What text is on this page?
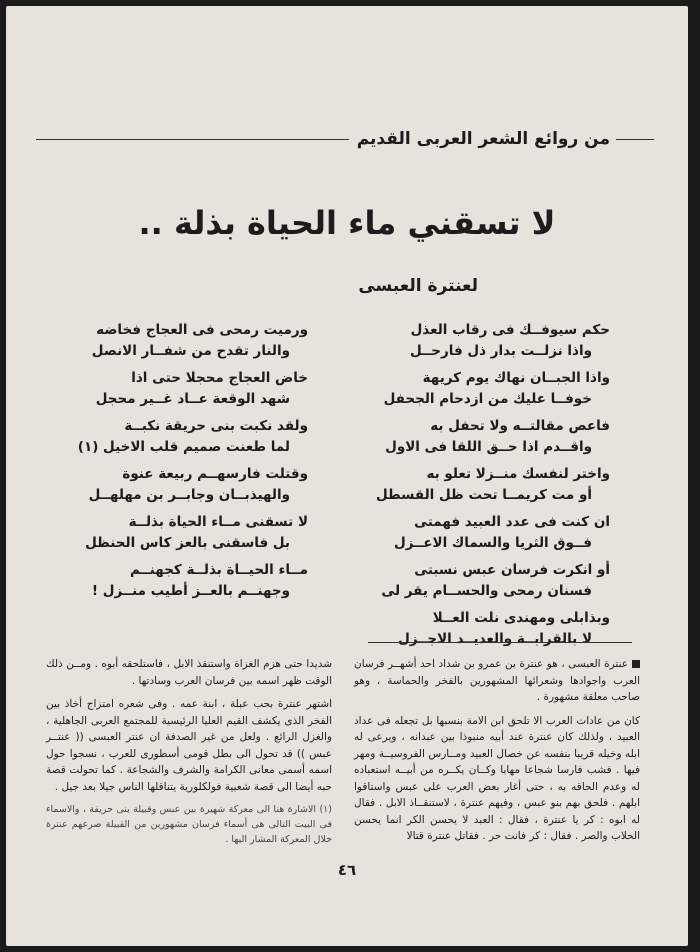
من روائع الشعر العربى القديم
لا تسقني ماء الحياة بذلة ..
لعنترة العبسى
حكم سيوفــك فى رقاب العذل
واذا نزلــت بدار ذل فارحــل
واذا الجبــان نهاك يوم كريهة
خوفــا عليك من ازدحام الجحفل
فاعص مقالتــه ولا تحفل به
واقــدم اذا حــق اللقا فى الاول
واختر لنفسك منــزلا تعلو به
أو مت كريمــا تحت ظل القسطل
ان كنت فى عدد العبيد فهمتى
فــوق الثريا والسماك الاعــزل
أو انكرت فرسان عبس نسبتى
فسنان رمحى والحســام يقر لى
وبذابلى ومهندى نلت العــلا
لا بالقرابــة والعديــد الاجــزل
ورميت رمحى فى العجاج فخاضه
والنار تقدح من شفــار الانصل
خاض العجاج محجلا حتى اذا
شهد الوقعة عــاد غــير محجل
ولقد نكبت بنى حريقة نكبــة
لما طعنت صميم قلب الاخيل (١)
وقتلت فارسهــم ربيعة عنوة
والهيذبــان وجابــر بن مهلهــل
لا تسقنى مــاء الحياة بذلــة
بل فاسقنى بالعز كاس الحنظل
مــاء الحيــاة بذلــة كجهنــم
وجهنــم بالعــز أطيب منــزل !

عنترة العبسى ، هو عنترة بن عمرو بن شداد احد أشهــر فرسان العرب واجوادها وشعرائها المشهورين بالفخر والحماسة ، وهو صاحب معلقة مشهورة .

كان من عادات العرب الا تلحق ابن الامة بنسبها بل تجعله فى عداد العبيد ، ولذلك كان عنترة عند أبيه منبوذا بين عبدانه ، ويرعى له ابله وخيله قريبا بنفسه عن خصال العبيد ومــارس الفروسيــة ومهر فيها . فشب فارسا شجاعا مهابا وكــان يكــره من أبيــه استعباده له وعدم الحاقه به ، حتى أغار بعض العرب على عبس واستاقوا ابلهم . فلحق بهم بنو عبس ، وفيهم عنترة ، لاستنقــاذ الابل . فقال له ابوه : كر يا عنترة ، فقال : العبد لا يحسن الكر انما يحسن الحلاب والصر . فقال : كر فانت حر . فقاتل عنترة قتالا

شديدا حتى هزم الغزاة واستنقذ الابل ، فاستلحقه أبوه . ومــن ذلك الوقت ظهر اسمه بين فرسان العرب وسادتها .

اشتهر عنترة بحب عبلة ، ابنة عمه . وفى شعره امتزاج أخاذ بين الفخر الذى يكشف القيم العليا الرئيسية للمجتمع العربى الجاهلية ، والغزل الرائع . ولعل من غير الصدفة ان عنتر العبسى (( عنتــر عبس )) قد تحول الى بطل قومى أسطورى للعرب ، نسجوا حول اسمه أسمى معانى الكرامة والشرف والشجاعة . كما تحولت قصة حبه أيضا الى قصة شعبية فولكلورية يتناقلها الناس جيلا بعد جيل .

(١) الاشارة هنا الى معركة شهيرة بين عبس وقبيلة بنى حريقة ، والاسماء فى البيت التالى هى أسماء فرسان مشهورين من القبيلة صرعهم عنترة خلال المعركة المشار اليها .
٤٦
